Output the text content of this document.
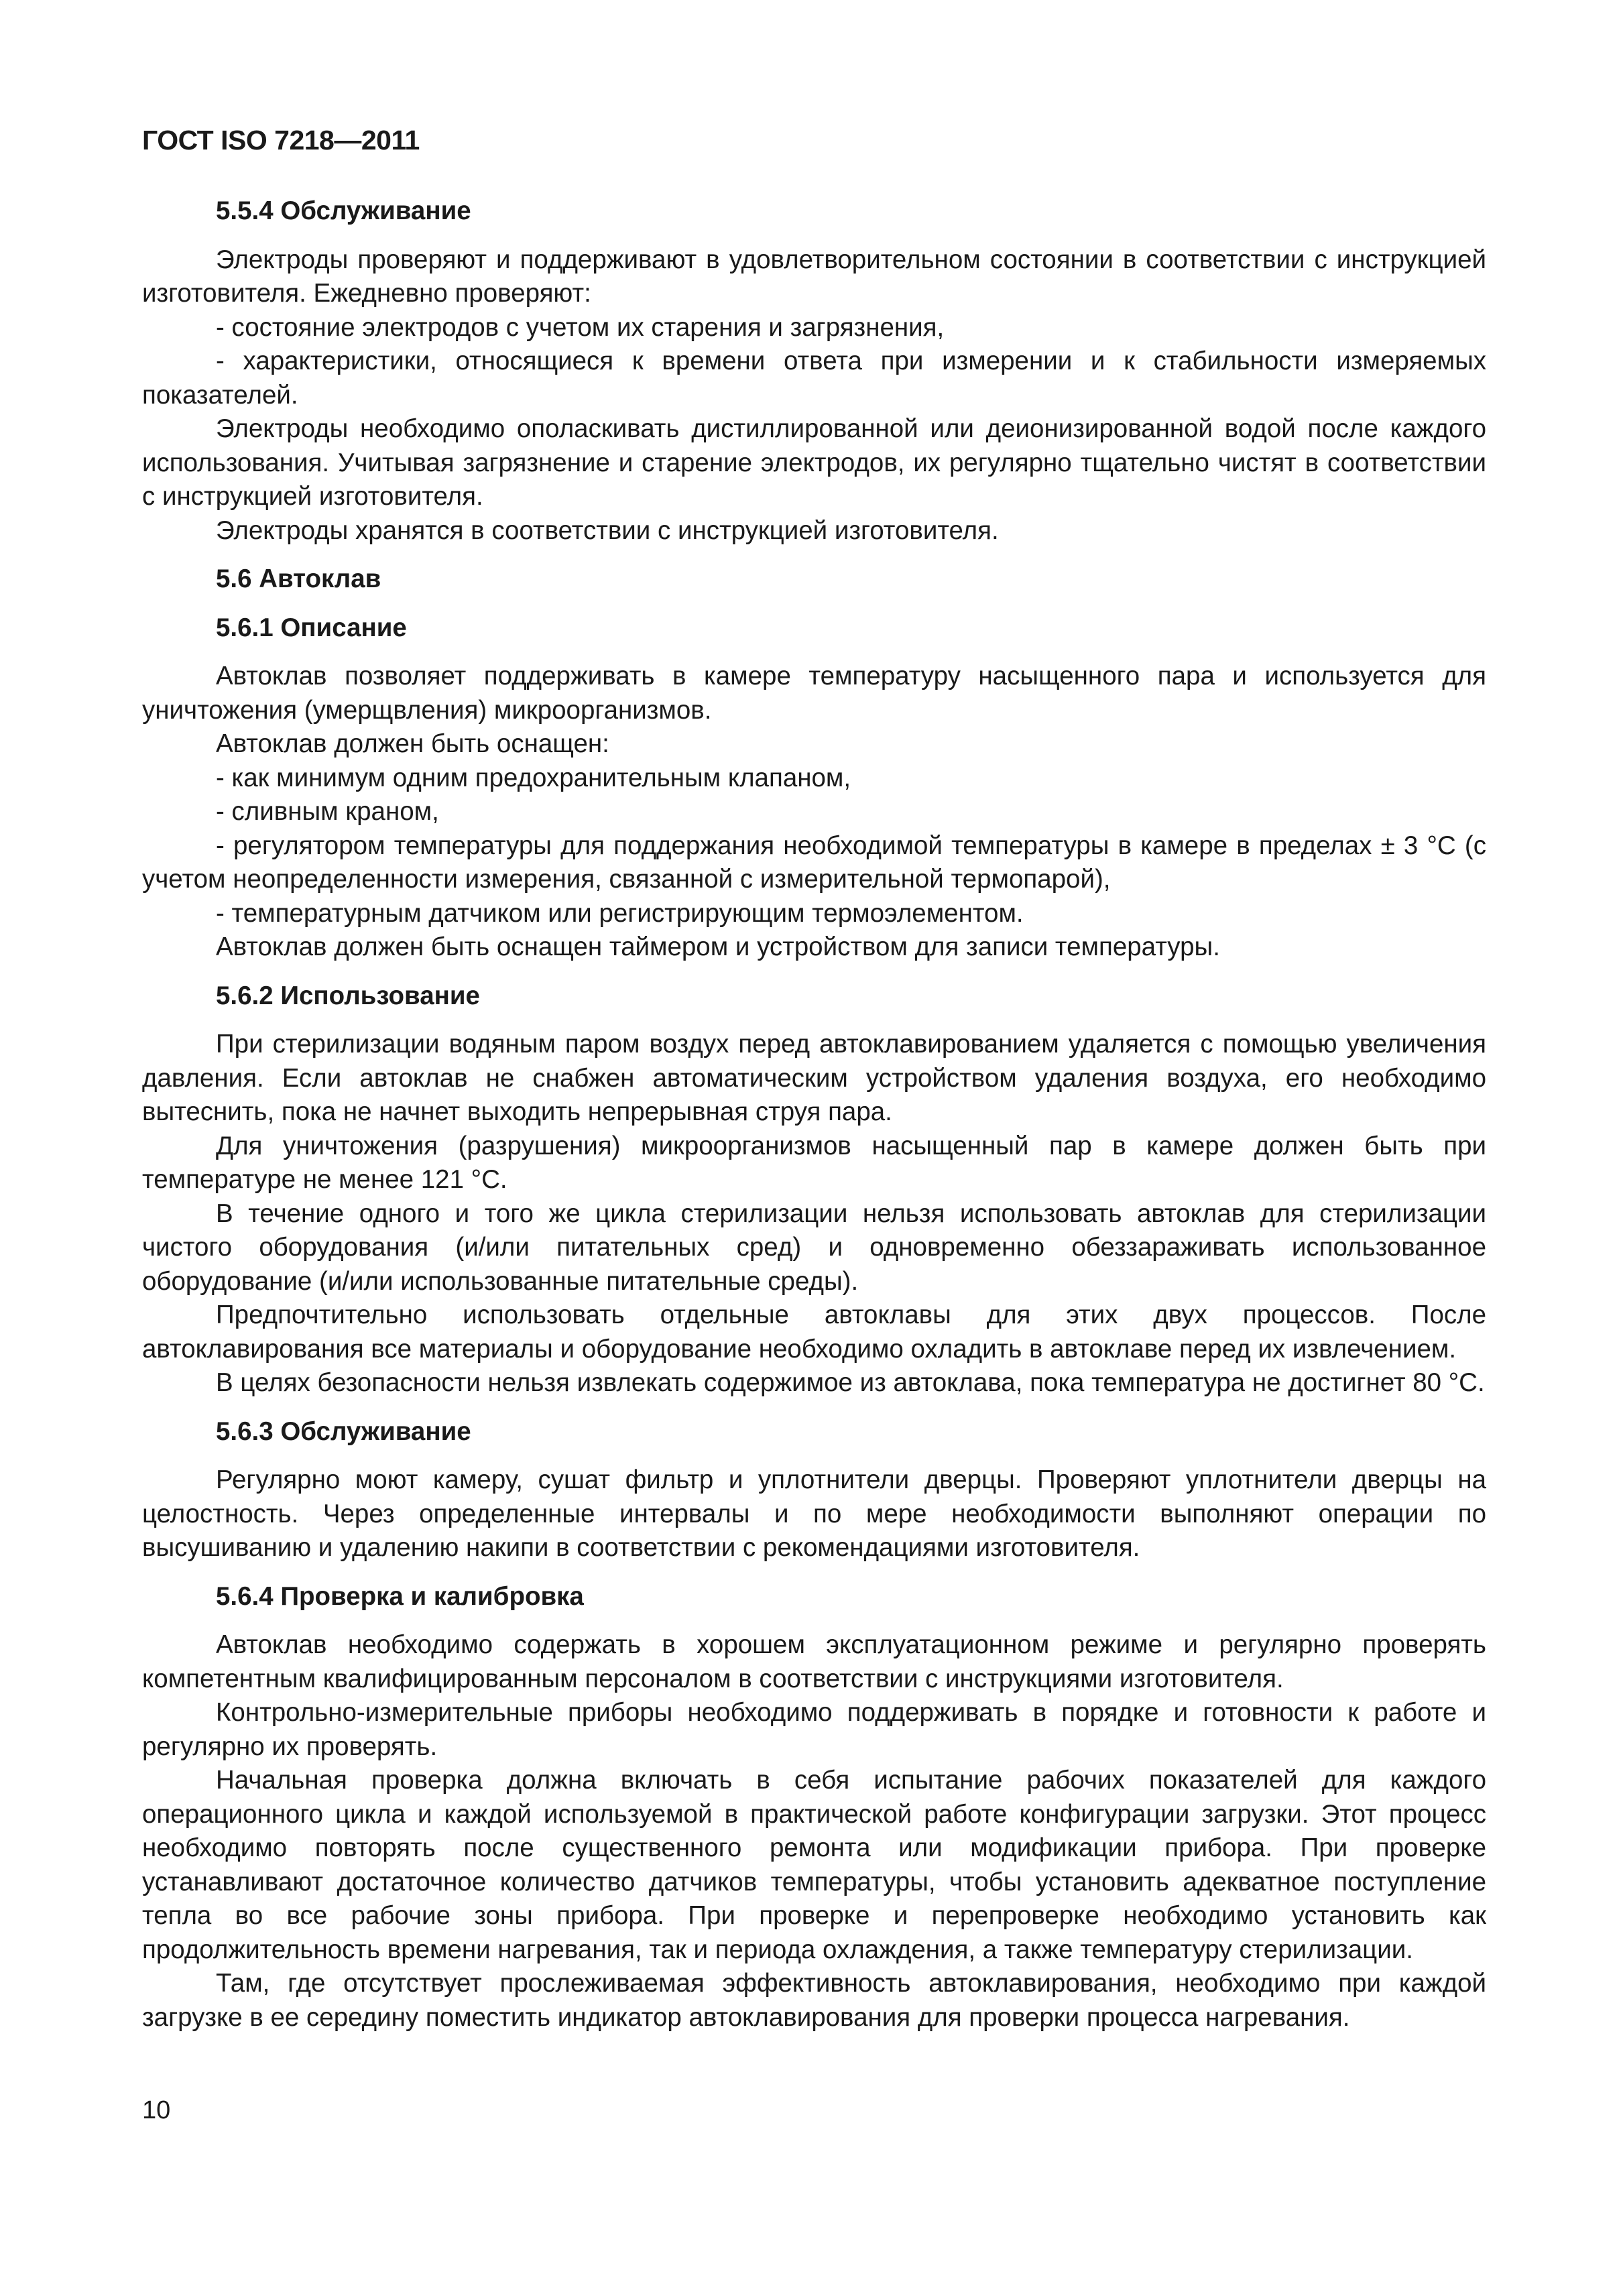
ГОСТ ISO 7218—2011
5.5.4 Обслуживание

Электроды проверяют и поддерживают в удовлетворительном состоянии в соответствии с инструкцией изготовителя. Ежедневно проверяют:

- состояние электродов с учетом их старения и загрязнения,

- характеристики, относящиеся к времени ответа при измерении и к стабильности измеряемых показателей.

Электроды необходимо ополаскивать дистиллированной или деионизированной водой после каждого использования. Учитывая загрязнение и старение электродов, их регулярно тщательно чистят в соответствии с инструкцией изготовителя.

Электроды хранятся в соответствии с инструкцией изготовителя.

5.6 Автоклав
5.6.1 Описание

Автоклав позволяет поддерживать в камере температуру насыщенного пара и используется для уничтожения (умерщвления) микроорганизмов.

Автоклав должен быть оснащен:

- как минимум одним предохранительным клапаном,

- сливным краном,

- регулятором температуры для поддержания необходимой температуры в камере в пределах ± 3 °С (с учетом неопределенности измерения, связанной с измерительной термопарой),

- температурным датчиком или регистрирующим термоэлементом.

Автоклав должен быть оснащен таймером и устройством для записи температуры.

5.6.2 Использование

При стерилизации водяным паром воздух перед автоклавированием удаляется с помощью увеличения давления. Если автоклав не снабжен автоматическим устройством удаления воздуха, его необходимо вытеснить, пока не начнет выходить непрерывная струя пара.

Для уничтожения (разрушения) микроорганизмов насыщенный пар в камере должен быть при температуре не менее 121 °С.

В течение одного и того же цикла стерилизации нельзя использовать автоклав для стерилизации чистого оборудования (и/или питательных сред) и одновременно обеззараживать использованное оборудование (и/или использованные питательные среды).

Предпочтительно использовать отдельные автоклавы для этих двух процессов. После автоклавирования все материалы и оборудование необходимо охладить в автоклаве перед их извлечением.

В целях безопасности нельзя извлекать содержимое из автоклава, пока температура не достигнет 80 °С.

5.6.3 Обслуживание

Регулярно моют камеру, сушат фильтр и уплотнители дверцы. Проверяют уплотнители дверцы на целостность. Через определенные интервалы и по мере необходимости выполняют операции по высушиванию и удалению накипи в соответствии с рекомендациями изготовителя.

5.6.4 Проверка и калибровка

Автоклав необходимо содержать в хорошем эксплуатационном режиме и регулярно проверять компетентным квалифицированным персоналом в соответствии с инструкциями изготовителя.

Контрольно-измерительные приборы необходимо поддерживать в порядке и готовности к работе и регулярно их проверять.

Начальная проверка должна включать в себя испытание рабочих показателей для каждого операционного цикла и каждой используемой в практической работе конфигурации загрузки. Этот процесс необходимо повторять после существенного ремонта или модификации прибора. При проверке устанавливают достаточное количество датчиков температуры, чтобы установить адекватное поступление тепла во все рабочие зоны прибора. При проверке и перепроверке необходимо установить как продолжительность времени нагревания, так и периода охлаждения, а также температуру стерилизации.

Там, где отсутствует прослеживаемая эффективность автоклавирования, необходимо при каждой загрузке в ее середину поместить индикатор автоклавирования для проверки процесса нагревания.

10
